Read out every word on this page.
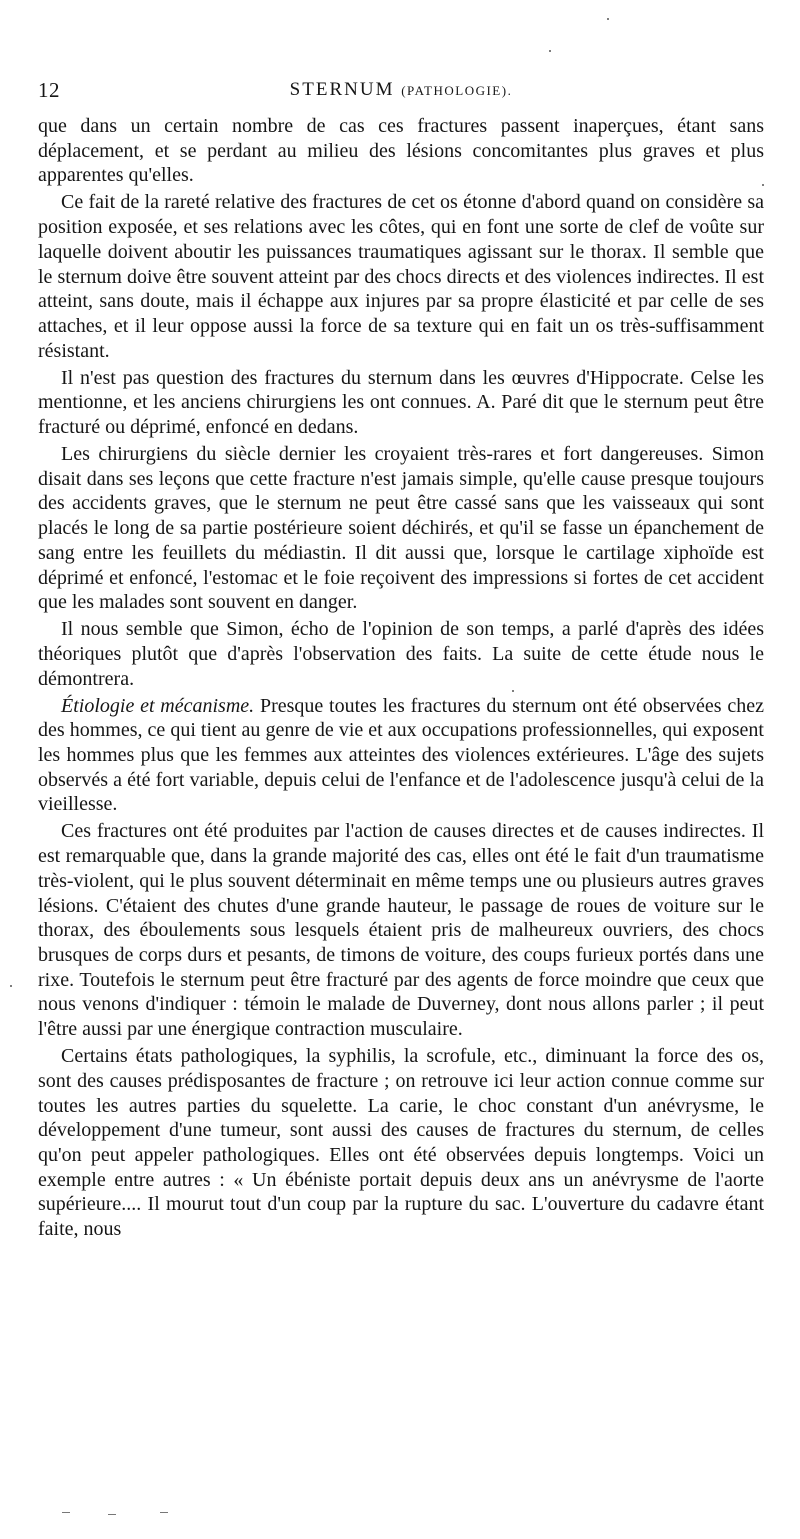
12	STERNUM (PATHOLOGIE).

que dans un certain nombre de cas ces fractures passent inaperçues, étant sans déplacement, et se perdant au milieu des lésions concomitantes plus graves et plus apparentes qu'elles.

Ce fait de la rareté relative des fractures de cet os étonne d'abord quand on considère sa position exposée, et ses relations avec les côtes, qui en font une sorte de clef de voûte sur laquelle doivent aboutir les puissances traumatiques agissant sur le thorax. Il semble que le sternum doive être souvent atteint par des chocs directs et des violences indirectes. Il est atteint, sans doute, mais il échappe aux injures par sa propre élasticité et par celle de ses attaches, et il leur oppose aussi la force de sa texture qui en fait un os très-suffisamment résistant.

Il n'est pas question des fractures du sternum dans les œuvres d'Hippocrate. Celse les mentionne, et les anciens chirurgiens les ont connues. A. Paré dit que le sternum peut être fracturé ou déprimé, enfoncé en dedans.

Les chirurgiens du siècle dernier les croyaient très-rares et fort dangereuses. Simon disait dans ses leçons que cette fracture n'est jamais simple, qu'elle cause presque toujours des accidents graves, que le sternum ne peut être cassé sans que les vaisseaux qui sont placés le long de sa partie postérieure soient déchirés, et qu'il se fasse un épanchement de sang entre les feuillets du médiastin. Il dit aussi que, lorsque le cartilage xiphoïde est déprimé et enfoncé, l'estomac et le foie reçoivent des impressions si fortes de cet accident que les malades sont souvent en danger.

Il nous semble que Simon, écho de l'opinion de son temps, a parlé d'après des idées théoriques plutôt que d'après l'observation des faits. La suite de cette étude nous le démontrera.

Étiologie et mécanisme. Presque toutes les fractures du sternum ont été observées chez des hommes, ce qui tient au genre de vie et aux occupations professionnelles, qui exposent les hommes plus que les femmes aux atteintes des violences extérieures. L'âge des sujets observés a été fort variable, depuis celui de l'enfance et de l'adolescence jusqu'à celui de la vieillesse.

Ces fractures ont été produites par l'action de causes directes et de causes indirectes. Il est remarquable que, dans la grande majorité des cas, elles ont été le fait d'un traumatisme très-violent, qui le plus souvent déterminait en même temps une ou plusieurs autres graves lésions. C'étaient des chutes d'une grande hauteur, le passage de roues de voiture sur le thorax, des éboulements sous lesquels étaient pris de malheureux ouvriers, des chocs brusques de corps durs et pesants, de timons de voiture, des coups furieux portés dans une rixe. Toutefois le sternum peut être fracturé par des agents de force moindre que ceux que nous venons d'indiquer : témoin le malade de Duverney, dont nous allons parler ; il peut l'être aussi par une énergique contraction musculaire.

Certains états pathologiques, la syphilis, la scrofule, etc., diminuant la force des os, sont des causes prédisposantes de fracture ; on retrouve ici leur action connue comme sur toutes les autres parties du squelette. La carie, le choc constant d'un anévrysme, le développement d'une tumeur, sont aussi des causes de fractures du sternum, de celles qu'on peut appeler pathologiques. Elles ont été observées depuis longtemps. Voici un exemple entre autres : « Un ébéniste portait depuis deux ans un anévrysme de l'aorte supérieure.... Il mourut tout d'un coup par la rupture du sac. L'ouverture du cadavre étant faite, nous
